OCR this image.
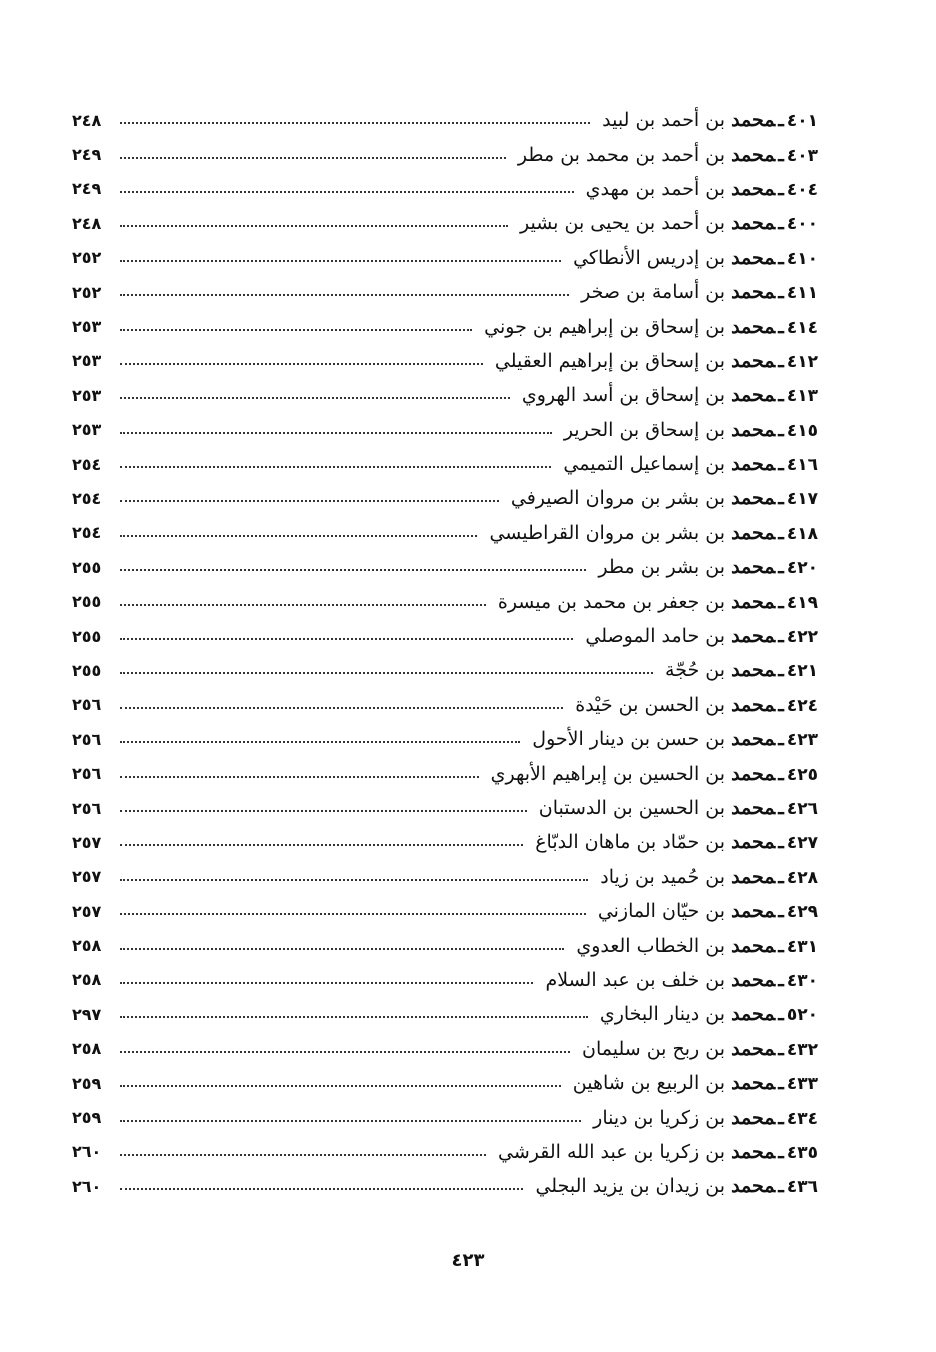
٢٤٨	٤٠١ـمحمد بن أحمد بن لبيد
٢٤٩	٤٠٣ـمحمد بن أحمد بن محمد بن مطر
٢٤٩	٤٠٤ـمحمد بن أحمد بن مهدي
٢٤٨	٤٠٠ـمحمد بن أحمد بن يحيى بن بشير
٢٥٢	٤١٠ـمحمد بن إدريس الأنطاكي
٢٥٢	٤١١ـمحمد بن أسامة بن صخر
٢٥٣	٤١٤ـمحمد بن إسحاق بن إبراهيم بن جوني
٢٥٣	٤١٢ـمحمد بن إسحاق بن إبراهيم العقيلي
٢٥٣	٤١٣ـمحمد بن إسحاق بن أسد الهروي
٢٥٣	٤١٥ـمحمد بن إسحاق بن الحرير
٢٥٤	٤١٦ـمحمد بن إسماعيل التميمي
٢٥٤	٤١٧ـمحمد بن بشر بن مروان الصيرفي
٢٥٤	٤١٨ـمحمد بن بشر بن مروان القراطيسي
٢٥٥	٤٢٠ـمحمد بن بشر بن مطر
٢٥٥	٤١٩ـمحمد بن جعفر بن محمد بن ميسرة
٢٥٥	٤٢٢ـمحمد بن حامد الموصلي
٢٥٥	٤٢١ـمحمد بن حُجّة
٢٥٦	٤٢٤ـمحمد بن الحسن بن حَيْدة
٢٥٦	٤٢٣ـمحمد بن حسن بن دينار الأحول
٢٥٦	٤٢٥ـمحمد بن الحسين بن إبراهيم الأبهري
٢٥٦	٤٢٦ـمحمد بن الحسين بن الدستبان
٢٥٧	٤٢٧ـمحمد بن حمّاد بن ماهان الدبّاغ
٢٥٧	٤٢٨ـمحمد بن حُميد بن زياد
٢٥٧	٤٢٩ـمحمد بن حيّان المازني
٢٥٨	٤٣١ـمحمد بن الخطاب العدوي
٢٥٨	٤٣٠ـمحمد بن خلف بن عبد السلام
٢٩٧	٥٢٠ـمحمد بن دينار البخاري
٢٥٨	٤٣٢ـمحمد بن ربح بن سليمان
٢٥٩	٤٣٣ـمحمد بن الربيع بن شاهين
٢٥٩	٤٣٤ـمحمد بن زكريا بن دينار
٢٦٠	٤٣٥ـمحمد بن زكريا بن عبد الله القرشي
٢٦٠	٤٣٦ـمحمد بن زيدان بن يزيد البجلي
٤٢٣
